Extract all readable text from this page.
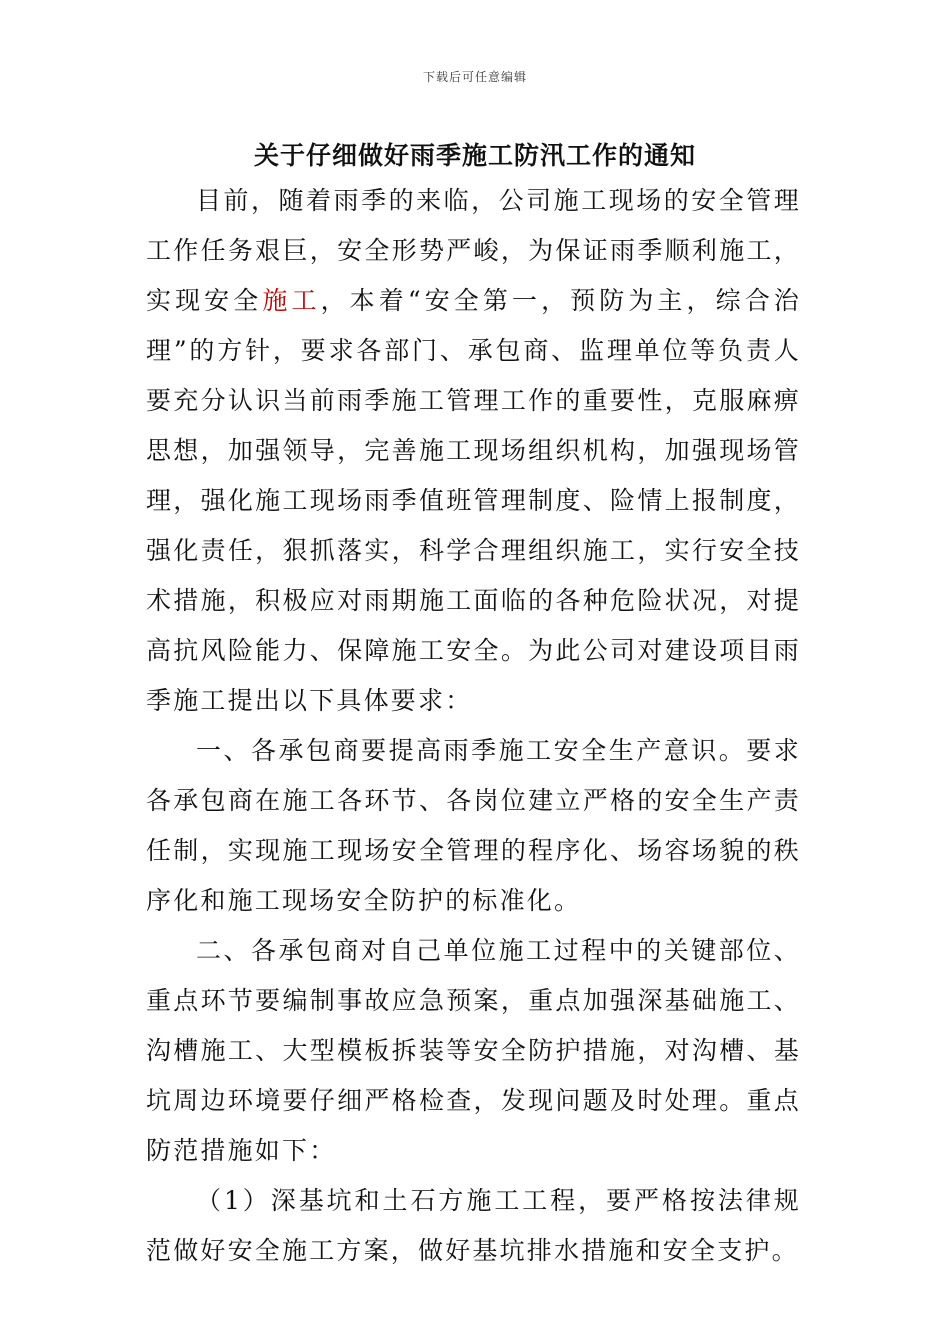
下载后可任意编辑
关于仔细做好雨季施工防汛工作的通知

目前，随着雨季的来临，公司施工现场的安全管理工作任务艰巨，安全形势严峻，为保证雨季顺利施工，实现安全施工，本着“安全第一，预防为主，综合治理”的方针，要求各部门、承包商、监理单位等负责人要充分认识当前雨季施工管理工作的重要性，克服麻痹思想，加强领导，完善施工现场组织机构，加强现场管理，强化施工现场雨季值班管理制度、险情上报制度，强化责任，狠抓落实，科学合理组织施工，实行安全技术措施，积极应对雨期施工面临的各种危险状况，对提高抗风险能力、保障施工安全。为此公司对建设项目雨季施工提出以下具体要求：

一、各承包商要提高雨季施工安全生产意识。要求各承包商在施工各环节、各岗位建立严格的安全生产责任制，实现施工现场安全管理的程序化、场容场貌的秩序化和施工现场安全防护的标准化。

二、各承包商对自己单位施工过程中的关键部位、重点环节要编制事故应急预案，重点加强深基础施工、沟槽施工、大型模板拆装等安全防护措施，对沟槽、基坑周边环境要仔细严格检查，发现问题及时处理。重点防范措施如下：

（1）深基坑和土石方施工工程，要严格按法律规范做好安全施工方案，做好基坑排水措施和安全支护。
